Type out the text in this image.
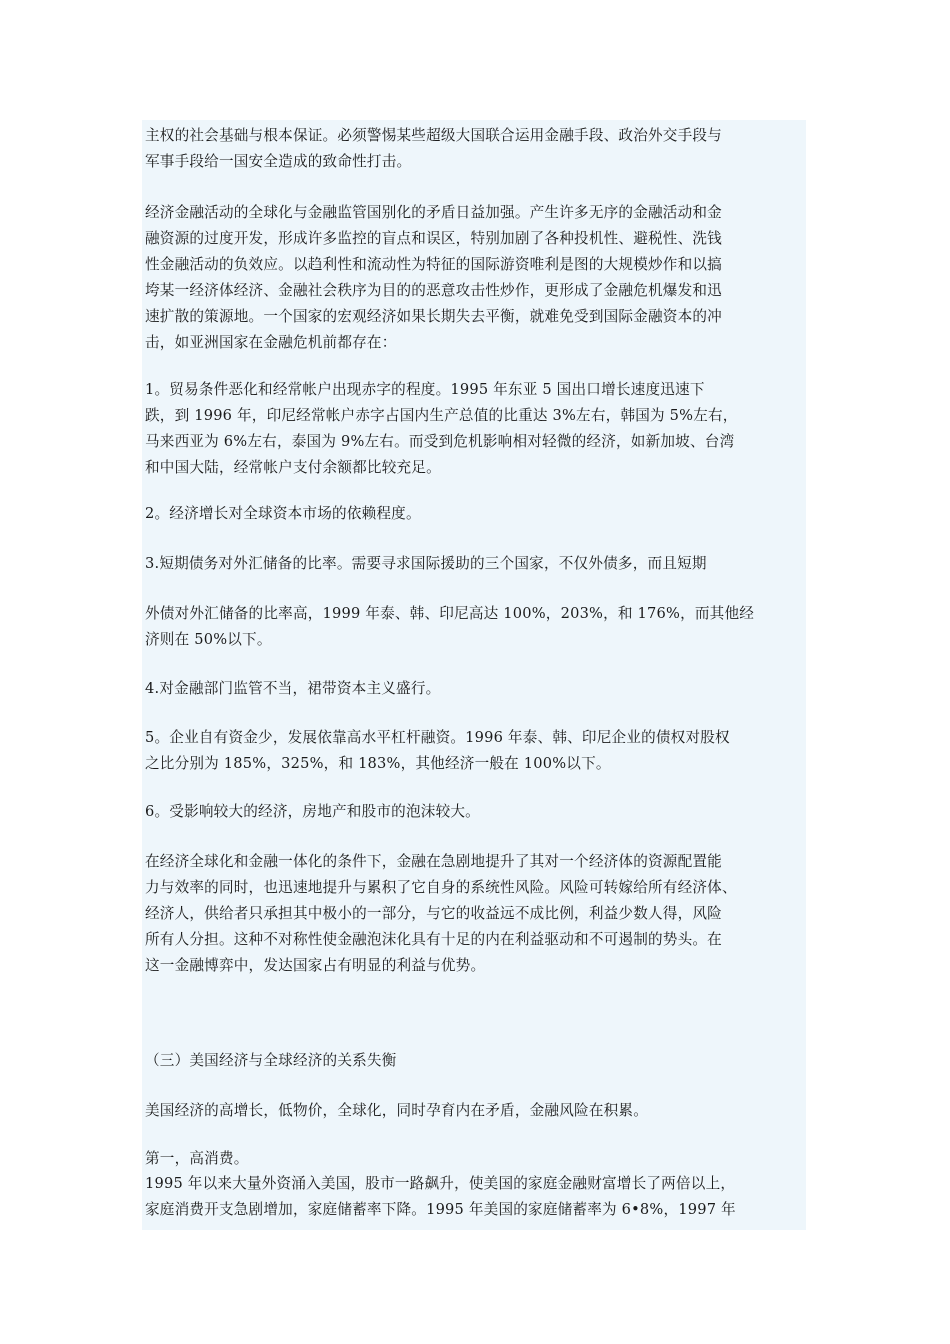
主权的社会基础与根本保证。必须警惕某些超级大国联合运用金融手段、政治外交手段与
军事手段给一国安全造成的致命性打击。
经济金融活动的全球化与金融监管国别化的矛盾日益加强。产生许多无序的金融活动和金
融资源的过度开发，形成许多监控的盲点和误区，特别加剧了各种投机性、避税性、洗钱
性金融活动的负效应。以趋利性和流动性为特征的国际游资唯利是图的大规模炒作和以搞
垮某一经济体经济、金融社会秩序为目的的恶意攻击性炒作，更形成了金融危机爆发和迅
速扩散的策源地。一个国家的宏观经济如果长期失去平衡，就难免受到国际金融资本的冲
击，如亚洲国家在金融危机前都存在：
1。贸易条件恶化和经常帐户出现赤字的程度。1995 年东亚 5 国出口增长速度迅速下
跌，到 1996 年，印尼经常帐户赤字占国内生产总值的比重达 3%左右，韩国为 5%左右，
马来西亚为 6%左右，泰国为 9%左右。而受到危机影响相对轻微的经济，如新加坡、台湾
和中国大陆，经常帐户支付余额都比较充足。
2。经济增长对全球资本市场的依赖程度。
3.短期债务对外汇储备的比率。需要寻求国际援助的三个国家，不仅外债多，而且短期
外债对外汇储备的比率高，1999 年泰、韩、印尼高达 100%，203%，和 176%，而其他经
济则在 50%以下。
4.对金融部门监管不当，裙带资本主义盛行。
5。企业自有资金少，发展依靠高水平杠杆融资。1996 年泰、韩、印尼企业的债权对股权
之比分别为 185%，325%，和 183%，其他经济一般在 100%以下。
6。受影响较大的经济，房地产和股市的泡沫较大。
在经济全球化和金融一体化的条件下，金融在急剧地提升了其对一个经济体的资源配置能
力与效率的同时，也迅速地提升与累积了它自身的系统性风险。风险可转嫁给所有经济体、
经济人，供给者只承担其中极小的一部分，与它的收益远不成比例，利益少数人得，风险
所有人分担。这种不对称性使金融泡沫化具有十足的内在利益驱动和不可遏制的势头。在
这一金融博弈中，发达国家占有明显的利益与优势。
（三）美国经济与全球经济的关系失衡
美国经济的高增长，低物价，全球化，同时孕育内在矛盾，金融风险在积累。
第一，高消费。
1995 年以来大量外资涌入美国，股市一路飙升，使美国的家庭金融财富增长了两倍以上，
家庭消费开支急剧增加，家庭储蓄率下降。1995 年美国的家庭储蓄率为 6•8%，1997 年
